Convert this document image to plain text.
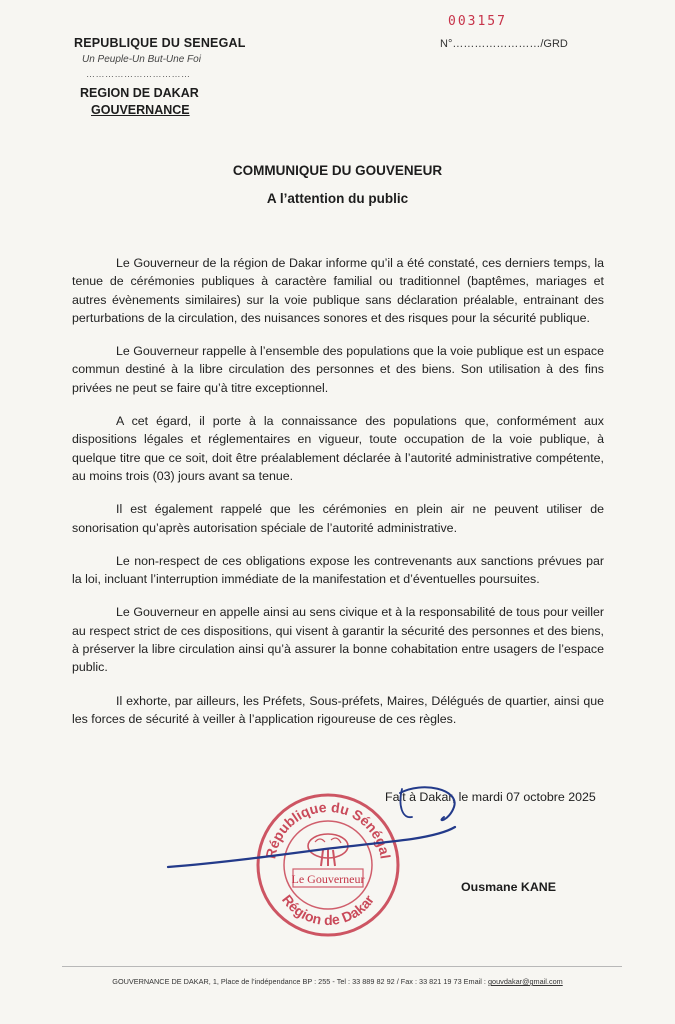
REPUBLIQUE DU SENEGAL
Un Peuple-Un But-Une Foi
……………………………
REGION DE DAKAR
GOUVERNANCE
003157
N°……………………/GRD
COMMUNIQUE DU GOUVENEUR
A l’attention du public

Le Gouverneur de la région de Dakar informe qu’il a été constaté, ces derniers temps, la tenue de cérémonies publiques à caractère familial ou traditionnel (baptêmes, mariages et autres évènements similaires) sur la voie publique sans déclaration préalable, entrainant des perturbations de la circulation, des nuisances sonores et des risques pour la sécurité publique.

Le Gouverneur rappelle à l’ensemble des populations que la voie publique est un espace commun destiné à la libre circulation des personnes et des biens. Son utilisation à des fins privées ne peut se faire qu’à titre exceptionnel.

A cet égard, il porte à la connaissance des populations que, conformément aux dispositions légales et réglementaires en vigueur, toute occupation de la voie publique, à quelque titre que ce soit, doit être préalablement déclarée à l’autorité administrative compétente, au moins trois (03) jours avant sa tenue.

Il est également rappelé que les cérémonies en plein air ne peuvent utiliser de sonorisation qu’après autorisation spéciale de l’autorité administrative.

Le non-respect de ces obligations expose les contrevenants aux sanctions prévues par la loi, incluant l’interruption immédiate de la manifestation et d’éventuelles poursuites.

Le Gouverneur en appelle ainsi au sens civique et à la responsabilité de tous pour veiller au respect strict de ces dispositions, qui visent à garantir la sécurité des personnes et des biens, à préserver la libre circulation ainsi qu’à assurer la bonne cohabitation entre usagers de l’espace public.

Il exhorte, par ailleurs, les Préfets, Sous-préfets, Maires, Délégués de quartier, ainsi que les forces de sécurité à veiller à l’application rigoureuse de ces règles.

Fait à Dakar, le mardi 07 octobre 2025
République du Sénégal
Région de Dakar
Le Gouverneur
Ousmane KANE
GOUVERNANCE DE DAKAR, 1, Place de l’indépendance BP : 255 - Tel : 33 889 82 92 / Fax : 33 821 19 73 Email : gouvdakar@gmail.com
